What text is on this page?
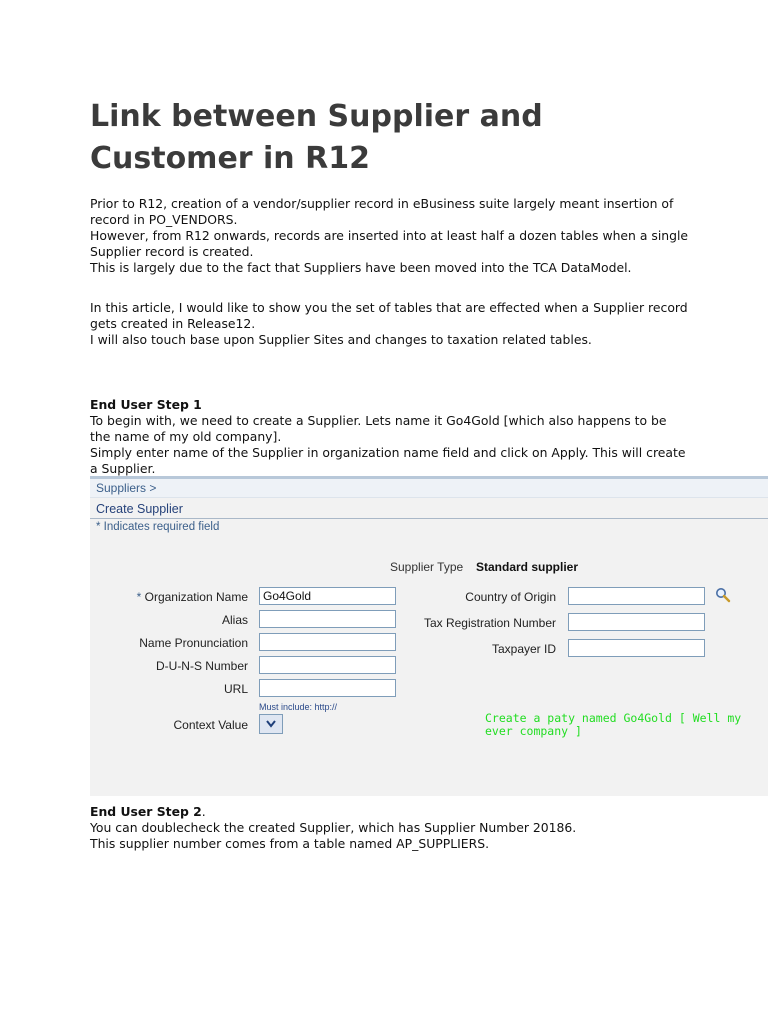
Link between Supplier and Customer in R12

Prior to R12, creation of a vendor/supplier record in eBusiness suite largely meant insertion of record in PO_VENDORS.
However, from R12 onwards, records are inserted into at least half a dozen tables when a single Supplier record is created.
This is largely due to the fact that Suppliers have been moved into the TCA DataModel.

In this article, I would like to show you the set of tables that are effected when a Supplier record gets created in Release12.
I will also touch base upon Supplier Sites and changes to taxation related tables.

End User Step 1
To begin with, we need to create a Supplier. Lets name it Go4Gold [which also happens to be the name of my old company].
Simply enter name of the Supplier in organization name field and click on Apply. This will create a Supplier.

Suppliers >
Create Supplier
* Indicates required field
Supplier Type Standard supplier
* Organization Name	Go4Gold
Alias
Name Pronunciation
D-U-N-S Number
URL
Must include: http://
Context Value
Country of Origin
Tax Registration Number
Taxpayer ID
Create a paty named Go4Gold [ Well my
ever company ]

End User Step 2.
You can doublecheck the created Supplier, which has Supplier Number 20186.
This supplier number comes from a table named AP_SUPPLIERS.
